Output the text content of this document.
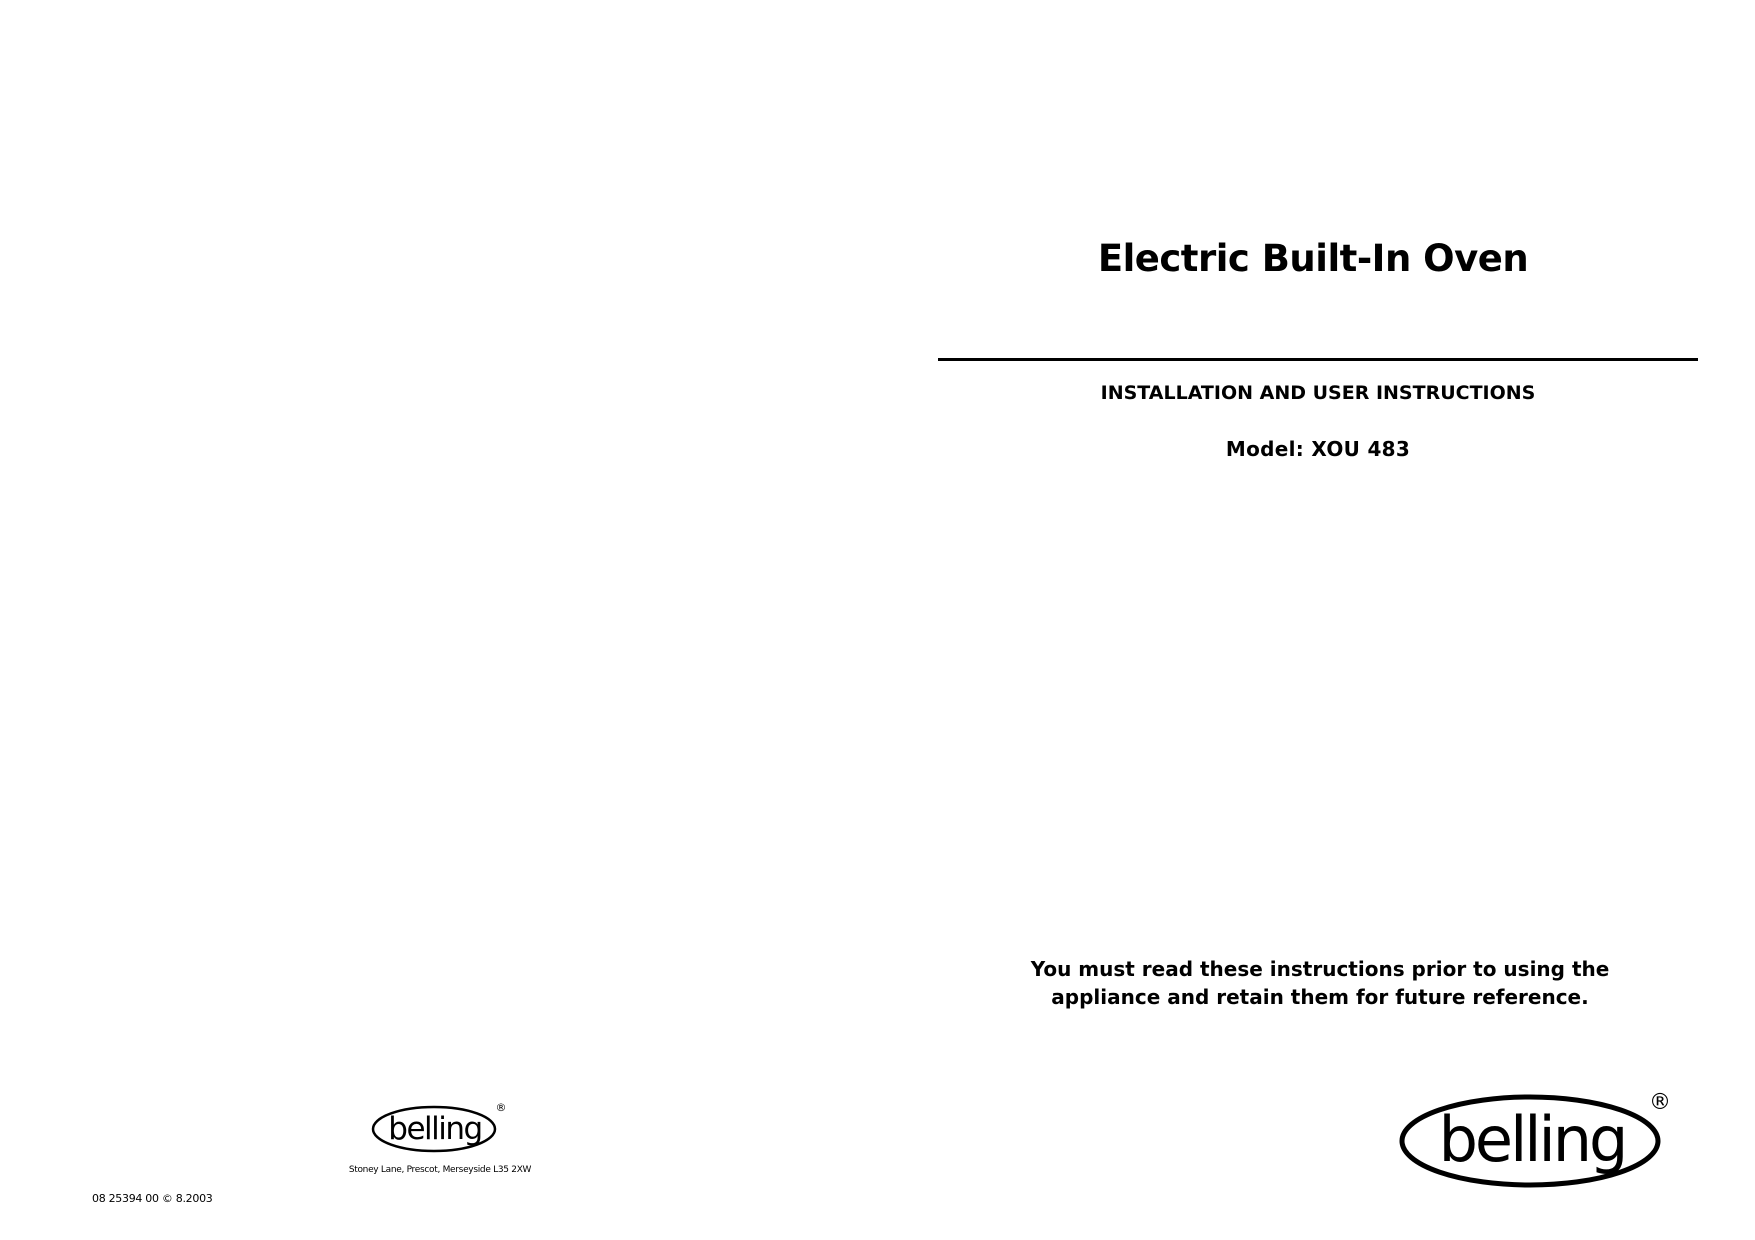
Electric Built-In Oven
INSTALLATION AND USER INSTRUCTIONS
Model: XOU 483
You must read these instructions prior to using the
appliance and retain them for future reference.
belling
®
belling
®
Stoney Lane, Prescot, Merseyside L35 2XW
08 25394 00 © 8.2003
